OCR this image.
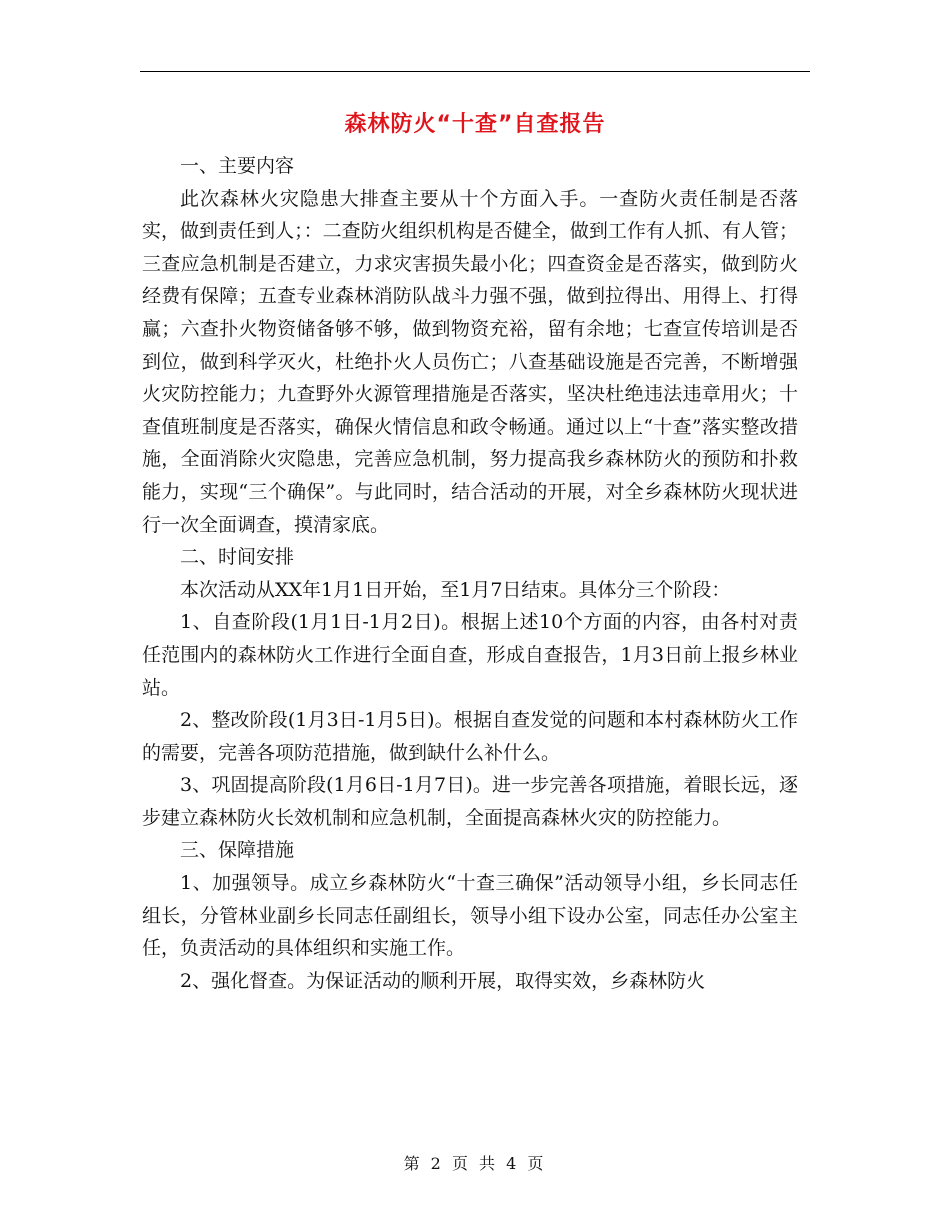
森林防火“十查”自查报告

一、主要内容

此次森林火灾隐患大排查主要从十个方面入手。一查防火责任制是否落实，做到责任到人；：二查防火组织机构是否健全，做到工作有人抓、有人管；三查应急机制是否建立，力求灾害损失最小化；四查资金是否落实，做到防火经费有保障；五查专业森林消防队战斗力强不强，做到拉得出、用得上、打得赢；六查扑火物资储备够不够，做到物资充裕，留有余地；七查宣传培训是否到位，做到科学灭火，杜绝扑火人员伤亡；八查基础设施是否完善，不断增强火灾防控能力；九查野外火源管理措施是否落实，坚决杜绝违法违章用火；十查值班制度是否落实，确保火情信息和政令畅通。通过以上“十查”落实整改措施，全面消除火灾隐患，完善应急机制，努力提高我乡森林防火的预防和扑救能力，实现“三个确保”。与此同时，结合活动的开展，对全乡森林防火现状进行一次全面调查，摸清家底。

二、时间安排

本次活动从XX年1月1日开始，至1月7日结束。具体分三个阶段：

1、自查阶段(1月1日-1月2日)。根据上述10个方面的内容，由各村对责任范围内的森林防火工作进行全面自查，形成自查报告，1月3日前上报乡林业站。

2、整改阶段(1月3日-1月5日)。根据自查发觉的问题和本村森林防火工作的需要，完善各项防范措施，做到缺什么补什么。

3、巩固提高阶段(1月6日-1月7日)。进一步完善各项措施，着眼长远，逐步建立森林防火长效机制和应急机制，全面提高森林火灾的防控能力。

三、保障措施

1、加强领导。成立乡森林防火“十查三确保”活动领导小组，乡长同志任组长，分管林业副乡长同志任副组长，领导小组下设办公室，同志任办公室主任，负责活动的具体组织和实施工作。

2、强化督查。为保证活动的顺利开展，取得实效，乡森林防火

第 2 页 共 4 页
